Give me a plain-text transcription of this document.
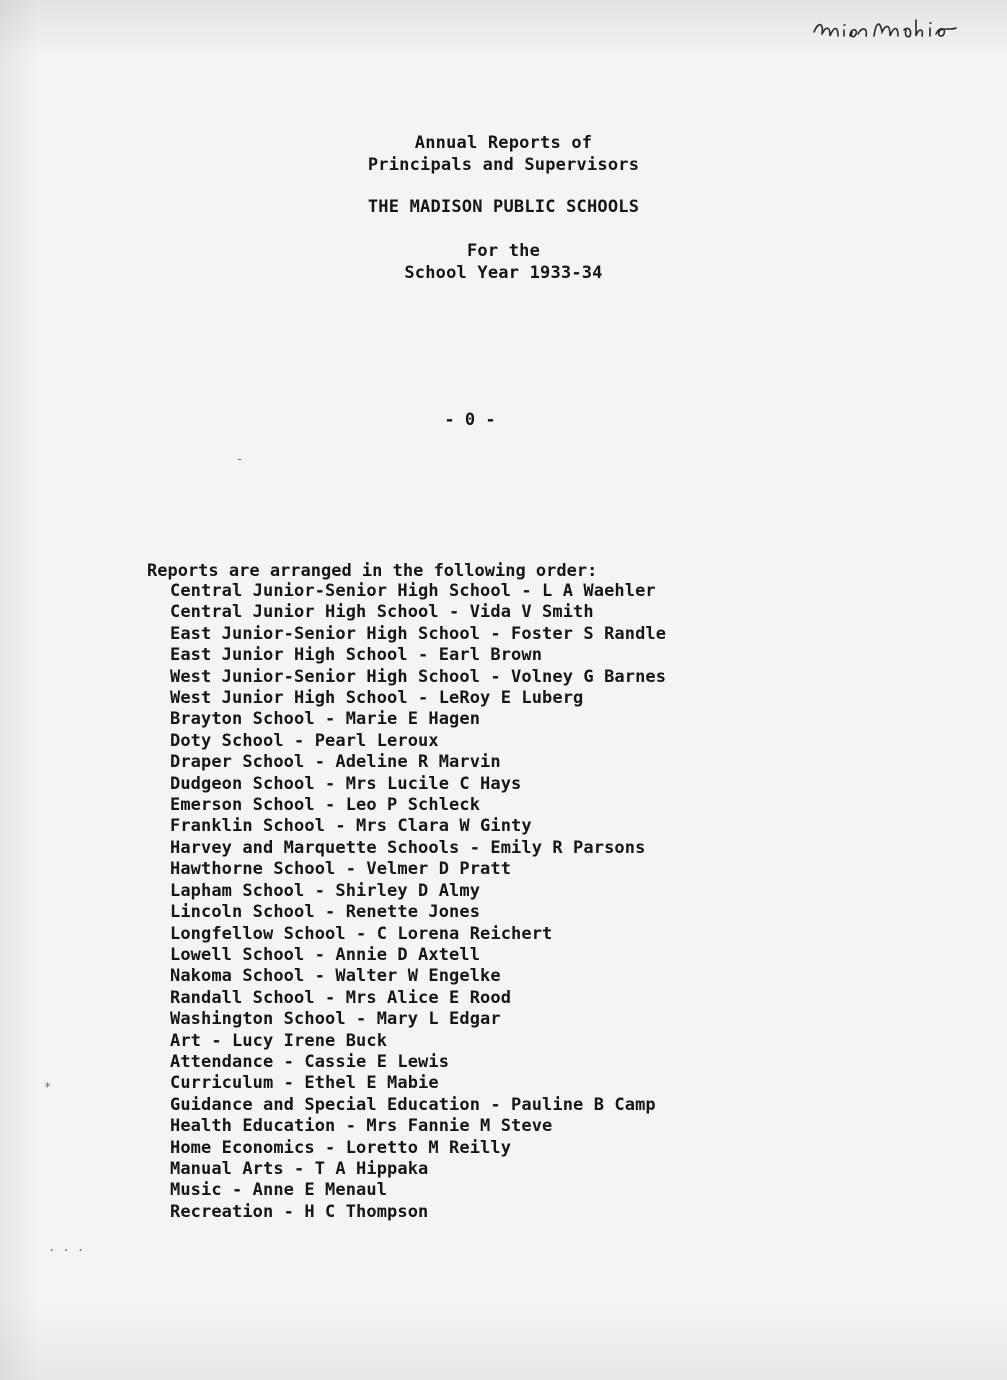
Annual Reports of
Principals and Supervisors
THE MADISON PUBLIC SCHOOLS
For the
School Year 1933-34
- 0 -
Reports are arranged in the following order:
Central Junior-Senior High School - L A Waehler
Central Junior High School - Vida V Smith
East Junior-Senior High School - Foster S Randle
East Junior High School - Earl Brown
West Junior-Senior High School - Volney G Barnes
West Junior High School - LeRoy E Luberg
Brayton School - Marie E Hagen
Doty School - Pearl Leroux
Draper School - Adeline R Marvin
Dudgeon School - Mrs Lucile C Hays
Emerson School - Leo P Schleck
Franklin School - Mrs Clara W Ginty
Harvey and Marquette Schools - Emily R Parsons
Hawthorne School - Velmer D Pratt
Lapham School - Shirley D Almy
Lincoln School - Renette Jones
Longfellow School - C Lorena Reichert
Lowell School - Annie D Axtell
Nakoma School - Walter W Engelke
Randall School - Mrs Alice E Rood
Washington School - Mary L Edgar
Art - Lucy Irene Buck
Attendance - Cassie E Lewis
Curriculum - Ethel E Mabie
Guidance and Special Education - Pauline B Camp
Health Education - Mrs Fannie M Steve
Home Economics - Loretto M Reilly
Manual Arts - T A Hippaka
Music - Anne E Menaul
Recreation - H C Thompson
-
*
. . .
